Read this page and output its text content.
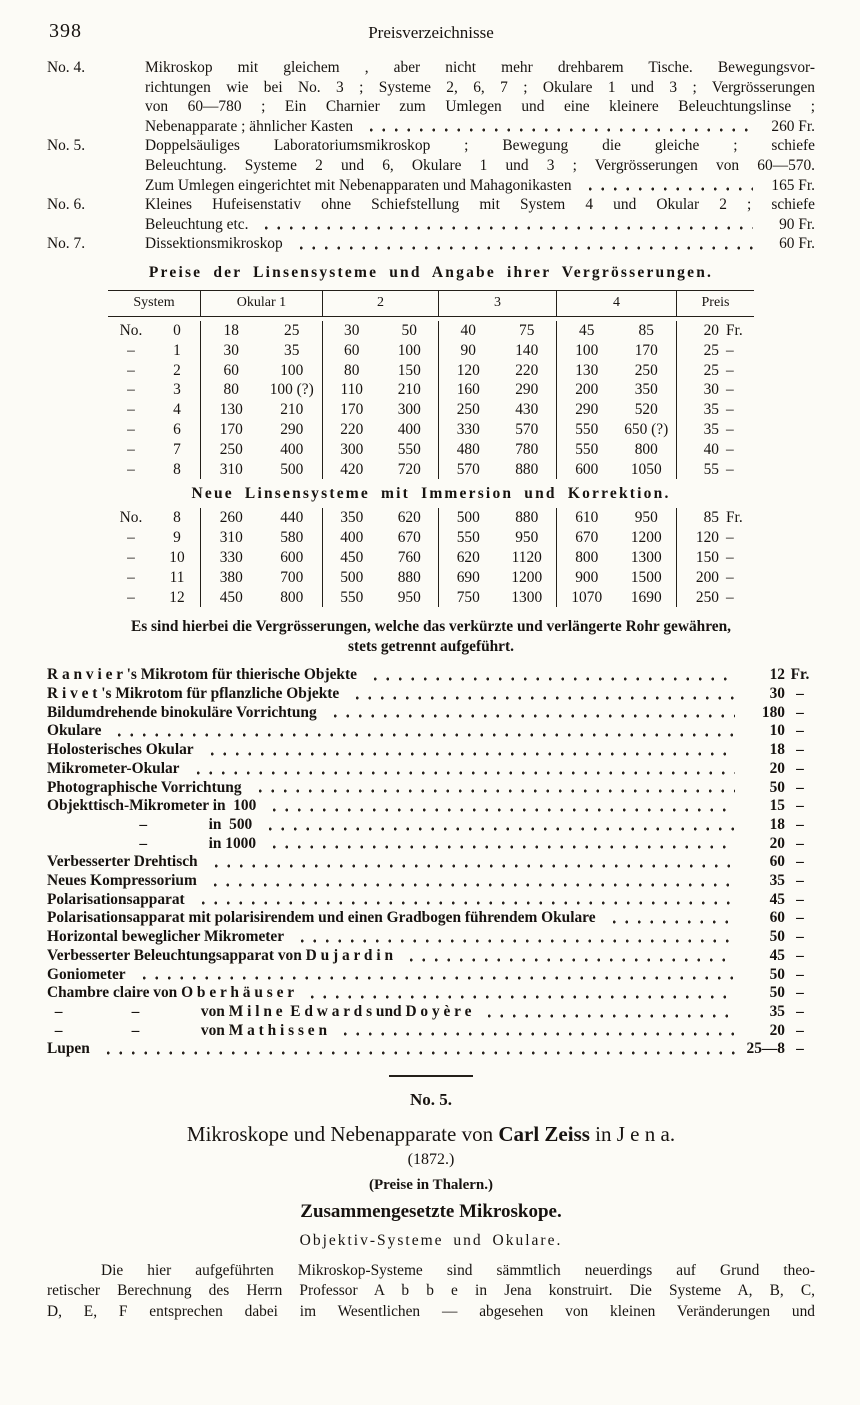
398	Preisverzeichnisse
No. 4.	Mikroskop mit gleichem , aber nicht mehr drehbarem Tische. Bewegungsvor-
richtungen wie bei No. 3 ; Systeme 2, 6, 7 ; Okulare 1 und 3 ; Vergrösserungen
von 60—780 ; Ein Charnier zum Umlegen und eine kleinere Beleuchtungslinse ;
Nebenapparate ; ähnlicher Kasten	260 Fr.
No. 5.	Doppelsäuliges Laboratoriumsmikroskop ; Bewegung die gleiche ; schiefe
Beleuchtung. Systeme 2 und 6, Okulare 1 und 3 ; Vergrösserungen von 60—570.
Zum Umlegen eingerichtet mit Nebenapparaten und Mahagonikasten	165 Fr.
No. 6.	Kleines Hufeisenstativ ohne Schiefstellung mit System 4 und Okular 2 ; schiefe
Beleuchtung etc.	90 Fr.
No. 7.	Dissektionsmikroskop	60 Fr.
Preise der Linsensysteme und Angabe ihrer Vergrösserungen.
System	Okular 1	2	3	4	Preis
No.	0	18	25	30	50	40	75	45	85	20 Fr.
–	1	30	35	60	100	90	140	100	170	25 –
–	2	60	100	80	150	120	220	130	250	25 –
–	3	80	100 (?)	110	210	160	290	200	350	30 –
–	4	130	210	170	300	250	430	290	520	35 –
–	6	170	290	220	400	330	570	550	650 (?)	35 –
–	7	250	400	300	550	480	780	550	800	40 –
–	8	310	500	420	720	570	880	600	1050	55 –
Neue Linsensysteme mit Immersion und Korrektion.
No.	8	260	440	350	620	500	880	610	950	85 Fr.
–	9	310	580	400	670	550	950	670	1200	120 –
–	10	330	600	450	760	620	1120	800	1300	150 –
–	11	380	700	500	880	690	1200	900	1500	200 –
–	12	450	800	550	950	750	1300	1070	1690	250 –
Es sind hierbei die Vergrösserungen, welche das verkürzte und verlängerte Rohr gewähren,
stets getrennt aufgeführt.
R a n v i e r 's Mikrotom für thierische Objekte	12 Fr.
R i v e t 's Mikrotom für pflanzliche Objekte	30 –
Bildumdrehende binokuläre Vorrichtung	180 –
Okulare	10 –
Holosterisches Okular	18 –
Mikrometer-Okular	20 –
Photographische Vorrichtung	50 –
Objekttisch-Mikrometer in  100	15 –
      –    in  500	18 –
      –    in 1000	20 –
Verbesserter Drehtisch	60 –
Neues Kompressorium	35 –
Polarisationsapparat	45 –
Polarisationsapparat mit polarisirendem und einen Gradbogen führendem Okulare	60 –
Horizontal beweglicher Mikrometer	50 –
Verbesserter Beleuchtungsapparat von D u j a r d i n	45 –
Goniometer	50 –
Chambre claire von O b e r h ä u s e r	50 –
 –     –    von M i l n e  E d w a r d s und D o y è r e	35 –
 –     –    von M a t h i s s e n	20 –
Lupen	25—8 –
No. 5.
Mikroskope und Nebenapparate von Carl Zeiss in J e n a.
(1872.)
(Preise in Thalern.)
Zusammengesetzte Mikroskope.
Objektiv-Systeme und Okulare.
Die hier aufgeführten Mikroskop-Systeme sind sämmtlich neuerdings auf Grund theo-
retischer Berechnung des Herrn Professor A b b e in Jena konstruirt. Die Systeme A, B, C,
D, E, F entsprechen dabei im Wesentlichen — abgesehen von kleinen Veränderungen und
